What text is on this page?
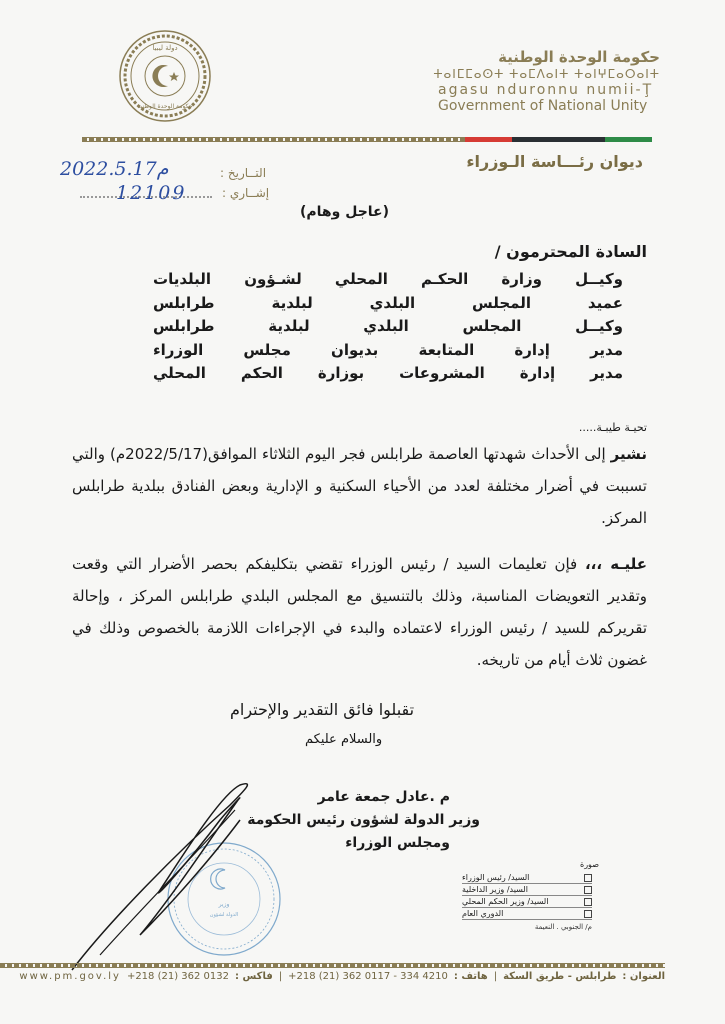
دولة ليبيا
حكومة الوحدة الوطنية
حكومة الوحدة الوطنية
ⵜⴰⵏⵎⵎⴰⵙⵜ ⵜⴰⵎⴷⴰⵏⵜ ⵜⴰⵏⵖⵎⴰⵔⴰⵏⵜ
agasu nduronnu numii-Ţ
Government of National Unity
ديوان رئـــاسة الـوزراء
التــاريخ :
2022.5.17م
إشــاري :
12109
(عاجل وهام)
السادة المحترمون /
وكيــل وزارة الحكـم المحلي لشـؤون البلديات
عميد المجلس البلدي لبلدية طرابلس
وكيــل المجلس البلدي لبلدية طرابلس
مدير إدارة المتابعة بديوان مجلس الوزراء
مدير إدارة المشروعات بوزارة الحكم المحلي
تحيـة طيبـة.....
نشير إلى الأحداث شهدتها العاصمة طرابلس فجر اليوم الثلاثاء الموافق(2022/5/17م) والتي تسببت في أضرار مختلفة لعدد من الأحياء السكنية و الإدارية وبعض الفنادق ببلدية طرابلس المركز.
عليـه ،،، فإن تعليمات السيد / رئيس الوزراء تقضي بتكليفكم بحصر الأضرار التي وقعت وتقدير التعويضات المناسبة، وذلك بالتنسيق مع المجلس البلدي طرابلس المركز ، وإحالة تقريركم للسيد / رئيس الوزراء لاعتماده والبدء في الإجراءات اللازمة بالخصوص وذلك في غضون ثلاث أيام من تاريخه.
تقبلوا فائق التقدير والإحترام
والسلام عليكم
وزير
الدولة لشؤون
م .عادل جمعة عامر
وزير الدولة لشؤون رئيس الحكومة
ومجلس الوزراء
صورة
السيد/ رئيس الوزراء
السيد/ وزير الداخلية
السيد/ وزير الحكم المحلي
الدوري العام
م/ الجنوبي . النعيمة
العنوان :
طرابلس - طريق السكة
|
هاتف :
+218 (21) 362 0117 - 334 4210
|
فاكس :
+218 (21) 362 0132
www.pm.gov.ly
